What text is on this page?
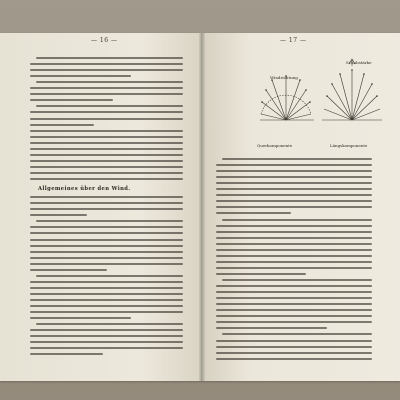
— 16 —	— 17 —
Allgemeines über den Wind.
Schubstärke
Windrichtung
Querkomponente	Längskomponente
